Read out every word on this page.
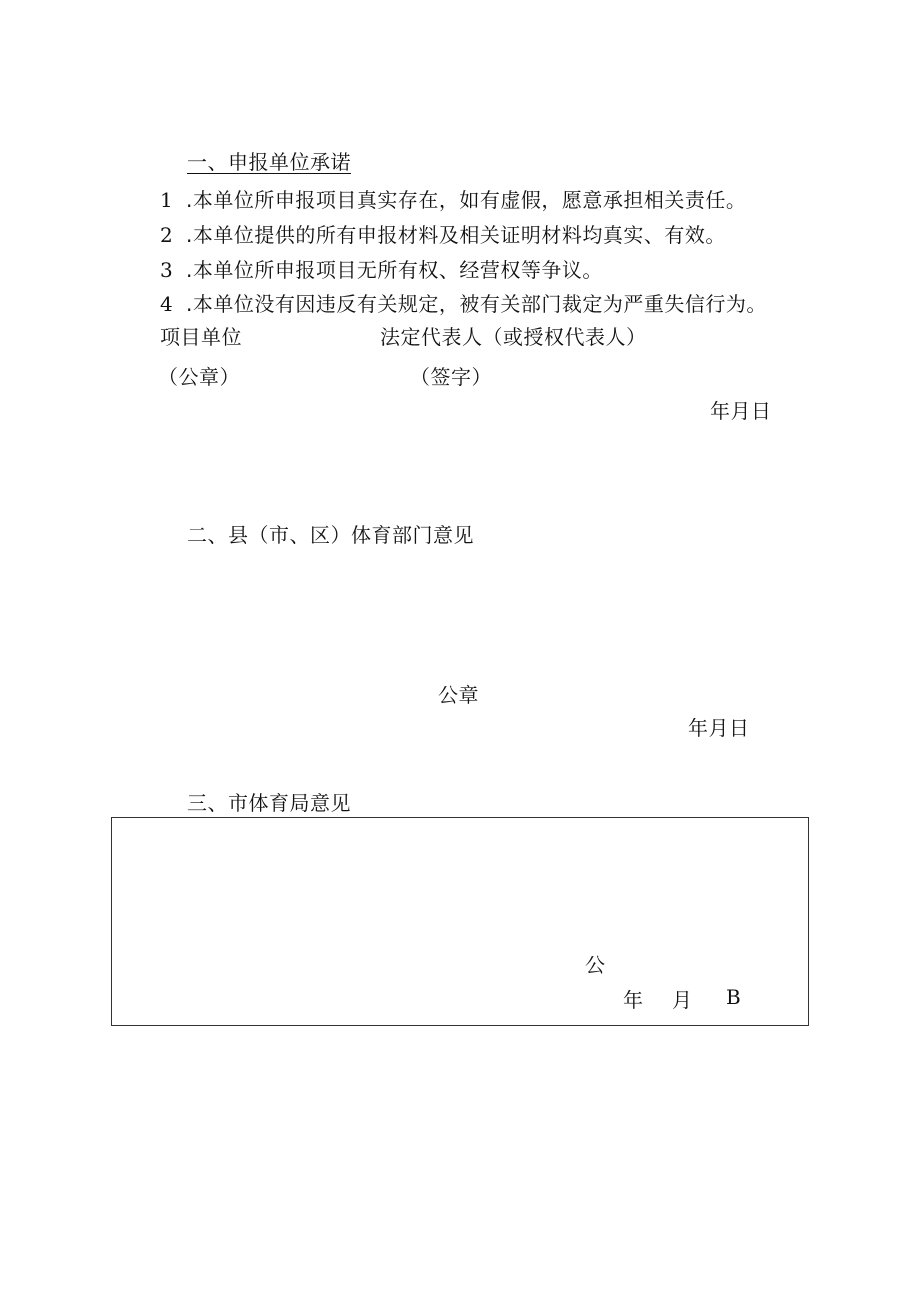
一、申报单位承诺
1 .本单位所申报项目真实存在，如有虚假，愿意承担相关责任。
2 .本单位提供的所有申报材料及相关证明材料均真实、有效。
3 .本单位所申报项目无所有权、经营权等争议。
4 .本单位没有因违反有关规定，被有关部门裁定为严重失信行为。
项目单位	法定代表人（或授权代表人）
（公章）	（签字）
年月日
二、县（市、区）体育部门意见
公章
年月日
三、市体育局意见
公
年 月 B
